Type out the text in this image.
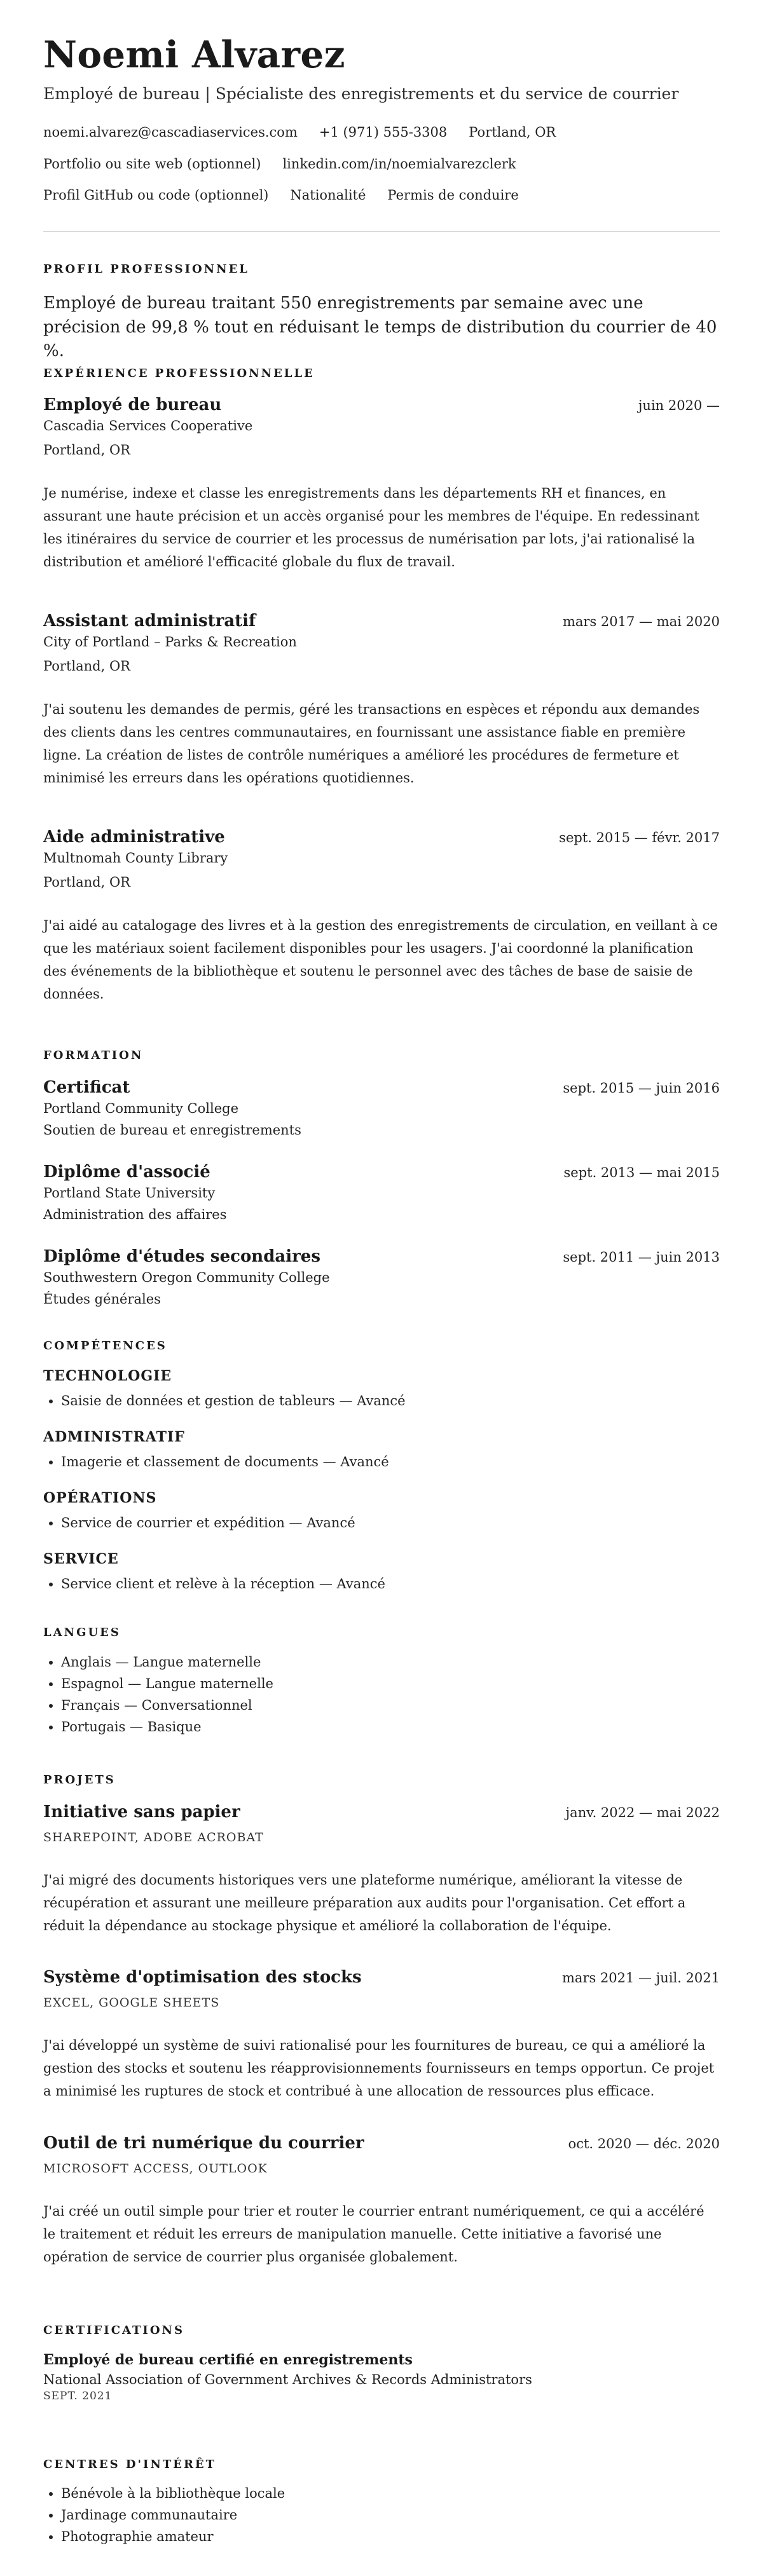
Noemi Alvarez
Employé de bureau | Spécialiste des enregistrements et du service de courrier
noemi.alvarez@cascadiaservices.com +1 (971) 555-3308 Portland, OR
Portfolio ou site web (optionnel) linkedin.com/in/noemialvarezclerk
Profil GitHub ou code (optionnel) Nationalité Permis de conduire
PROFIL PROFESSIONNEL
Employé de bureau traitant 550 enregistrements par semaine avec une précision de 99,8 % tout en réduisant le temps de distribution du courrier de 40 %.
EXPÉRIENCE PROFESSIONNELLE
Employé de bureau	juin 2020 —
Cascadia Services Cooperative
Portland, OR
Je numérise, indexe et classe les enregistrements dans les départements RH et finances, en assurant une haute précision et un accès organisé pour les membres de l'équipe. En redessinant les itinéraires du service de courrier et les processus de numérisation par lots, j'ai rationalisé la distribution et amélioré l'efficacité globale du flux de travail.
Assistant administratif	mars 2017 — mai 2020
City of Portland – Parks & Recreation
Portland, OR
J'ai soutenu les demandes de permis, géré les transactions en espèces et répondu aux demandes des clients dans les centres communautaires, en fournissant une assistance fiable en première ligne. La création de listes de contrôle numériques a amélioré les procédures de fermeture et minimisé les erreurs dans les opérations quotidiennes.
Aide administrative	sept. 2015 — févr. 2017
Multnomah County Library
Portland, OR
J'ai aidé au catalogage des livres et à la gestion des enregistrements de circulation, en veillant à ce que les matériaux soient facilement disponibles pour les usagers. J'ai coordonné la planification des événements de la bibliothèque et soutenu le personnel avec des tâches de base de saisie de données.
FORMATION
Certificat	sept. 2015 — juin 2016
Portland Community College
Soutien de bureau et enregistrements
Diplôme d'associé	sept. 2013 — mai 2015
Portland State University
Administration des affaires
Diplôme d'études secondaires	sept. 2011 — juin 2013
Southwestern Oregon Community College
Études générales
COMPÉTENCES
TECHNOLOGIE
• Saisie de données et gestion de tableurs — Avancé
ADMINISTRATIF
• Imagerie et classement de documents — Avancé
OPÉRATIONS
• Service de courrier et expédition — Avancé
SERVICE
• Service client et relève à la réception — Avancé
LANGUES
• Anglais — Langue maternelle
• Espagnol — Langue maternelle
• Français — Conversationnel
• Portugais — Basique
PROJETS
Initiative sans papier	janv. 2022 — mai 2022
SHAREPOINT, ADOBE ACROBAT
J'ai migré des documents historiques vers une plateforme numérique, améliorant la vitesse de récupération et assurant une meilleure préparation aux audits pour l'organisation. Cet effort a réduit la dépendance au stockage physique et amélioré la collaboration de l'équipe.
Système d'optimisation des stocks	mars 2021 — juil. 2021
EXCEL, GOOGLE SHEETS
J'ai développé un système de suivi rationalisé pour les fournitures de bureau, ce qui a amélioré la gestion des stocks et soutenu les réapprovisionnements fournisseurs en temps opportun. Ce projet a minimisé les ruptures de stock et contribué à une allocation de ressources plus efficace.
Outil de tri numérique du courrier	oct. 2020 — déc. 2020
MICROSOFT ACCESS, OUTLOOK
J'ai créé un outil simple pour trier et router le courrier entrant numériquement, ce qui a accéléré le traitement et réduit les erreurs de manipulation manuelle. Cette initiative a favorisé une opération de service de courrier plus organisée globalement.
CERTIFICATIONS
Employé de bureau certifié en enregistrements
National Association of Government Archives & Records Administrators
SEPT. 2021
CENTRES D'INTÉRÊT
• Bénévole à la bibliothèque locale
• Jardinage communautaire
• Photographie amateur
